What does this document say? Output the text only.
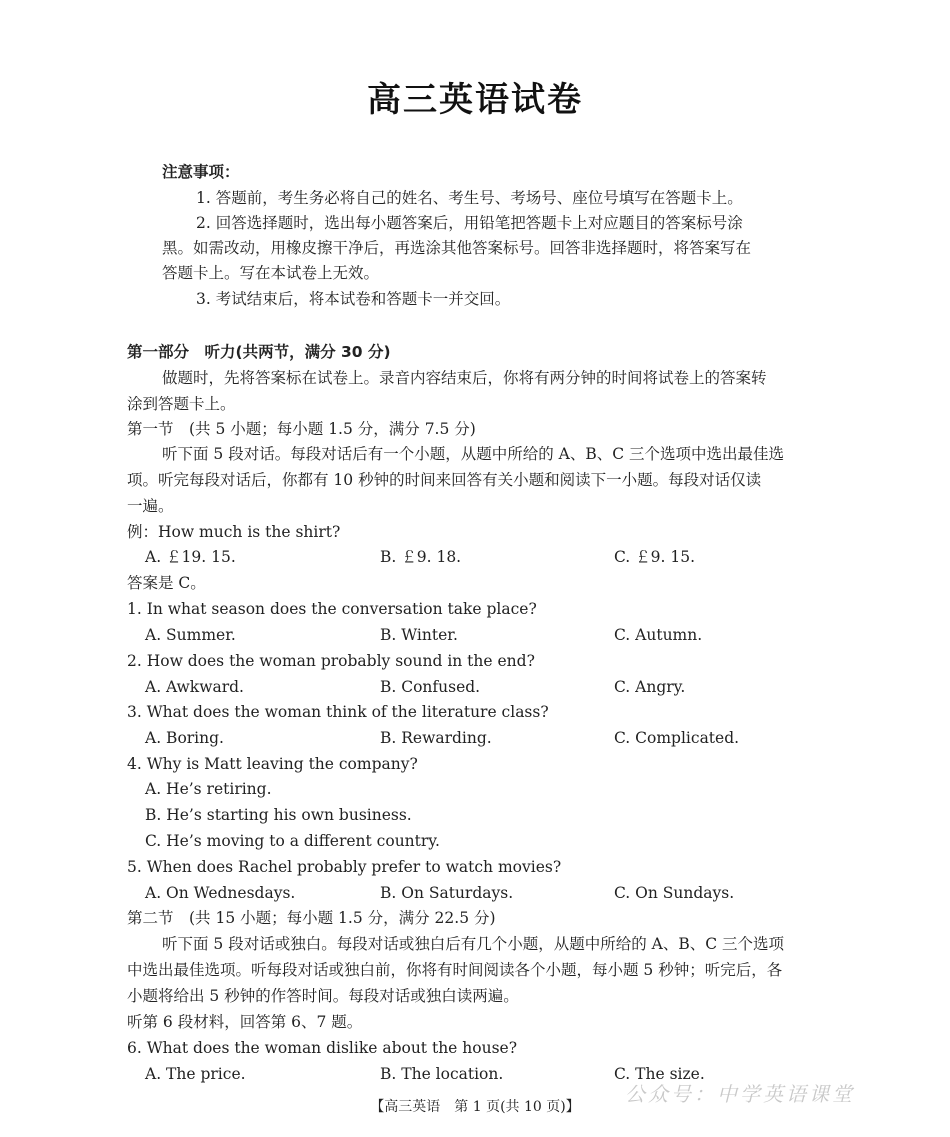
高三英语试卷
注意事项：
1. 答题前，考生务必将自己的姓名、考生号、考场号、座位号填写在答题卡上。
2. 回答选择题时，选出每小题答案后，用铅笔把答题卡上对应题目的答案标号涂
黑。如需改动，用橡皮擦干净后，再选涂其他答案标号。回答非选择题时，将答案写在
答题卡上。写在本试卷上无效。
3. 考试结束后，将本试卷和答题卡一并交回。
第一部分　听力(共两节，满分 30 分)
做题时，先将答案标在试卷上。录音内容结束后，你将有两分钟的时间将试卷上的答案转
涂到答题卡上。
第一节　(共 5 小题；每小题 1.5 分，满分 7.5 分)
听下面 5 段对话。每段对话后有一个小题，从题中所给的 A、B、C 三个选项中选出最佳选
项。听完每段对话后，你都有 10 秒钟的时间来回答有关小题和阅读下一小题。每段对话仅读
一遍。
例：How much is the shirt?
A. ￡19. 15.	B. ￡9. 18.	C. ￡9. 15.
答案是 C。
1. In what season does the conversation take place?
A. Summer.	B. Winter.	C. Autumn.
2. How does the woman probably sound in the end?
A. Awkward.	B. Confused.	C. Angry.
3. What does the woman think of the literature class?
A. Boring.	B. Rewarding.	C. Complicated.
4. Why is Matt leaving the company?
A. He’s retiring.
B. He’s starting his own business.
C. He’s moving to a different country.
5. When does Rachel probably prefer to watch movies?
A. On Wednesdays.	B. On Saturdays.	C. On Sundays.
第二节　(共 15 小题；每小题 1.5 分，满分 22.5 分)
听下面 5 段对话或独白。每段对话或独白后有几个小题，从题中所给的 A、B、C 三个选项
中选出最佳选项。听每段对话或独白前，你将有时间阅读各个小题，每小题 5 秒钟；听完后，各
小题将给出 5 秒钟的作答时间。每段对话或独白读两遍。
听第 6 段材料，回答第 6、7 题。
6. What does the woman dislike about the house?
A. The price.	B. The location.	C. The size.
公众号：中学英语课堂
【高三英语　第 1 页(共 10 页)】
